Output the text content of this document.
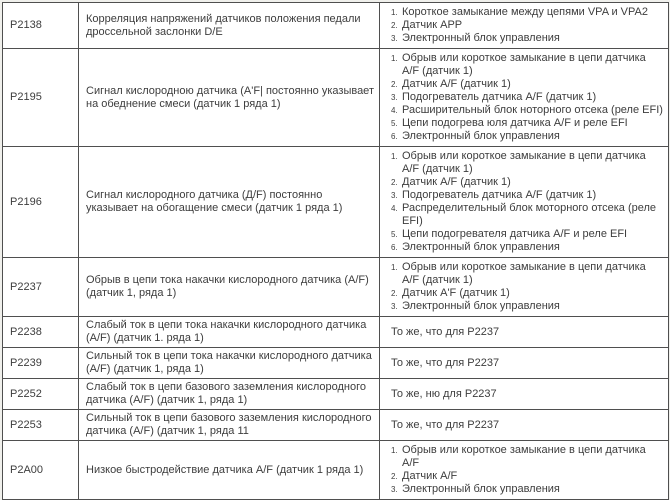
P2138	Корреляция напряжений датчиков положения педали дроссельной заслонки D/E	Короткое замыкание между цепями VPA и VPA2
Датчик APP
Электронный блок управления

P2195	Сигнал кислородною датчика (А'F| постоянно указывает на обеднение смеси (датчик 1 ряда 1)	
Обрыв или короткое замыкание в цепи датчика A/F (датчик 1)
Датчик A/F (датчик 1)
Подогреватель датчика A/F (датчик 1)
Расширительный блок ноторного отсека (реле EFI)
Цепи подогрева юля датчика A/F и реле EFI
Электронный блок управления

P2196	Сигнал кислородного датчика (Д/F) постоянно указывает на обогащение смеси (датчик 1 ряда 1)	
Обрыв или короткое замыкание в цепи датчика A/F (датчик 1)
Датчик A/F (датчик 1)
Подогреватель датчика A/F (датчик 1)
Распределительный блок моторного отсека (реле EFI)
Цепи подогревателя датчика A/F и реле EFI
Электронный блок управления

P2237	Обрыв в цепи тока накачки кислородного датчика (A/F) (датчик 1, ряда 1)	Обрыв или короткое замыкание в цепи датчика A/F (датчик 1)
Датчик A'F (датчик 1)
Электронный блок управления

P2238	Слабый ток в цепи тока накачки кислородного датчика (A/F) (датчик 1. ряда 1)	То же, что для P2237

P2239	Сильный ток в цепи тока накачки кислородного датчика (A/F) (датчик 1, ряда 1)	То же, что для P2237

P2252	Слабый ток в цепи базового заземления кислородного датчика (A/F) (датчик 1, ряда 1)	То же, ню для P2237

P2253	Сильный ток в цепи базового заземления кислородного датчика (A/F) (датчик 1, ряда 11	То же, что для P2237

P2A00	Низкое быстродействие датчика A/F (датчик 1 ряда 1)	Обрыв или короткое замыкание в цепи датчика A/F
Датчик A/F
Электронный блок управления
